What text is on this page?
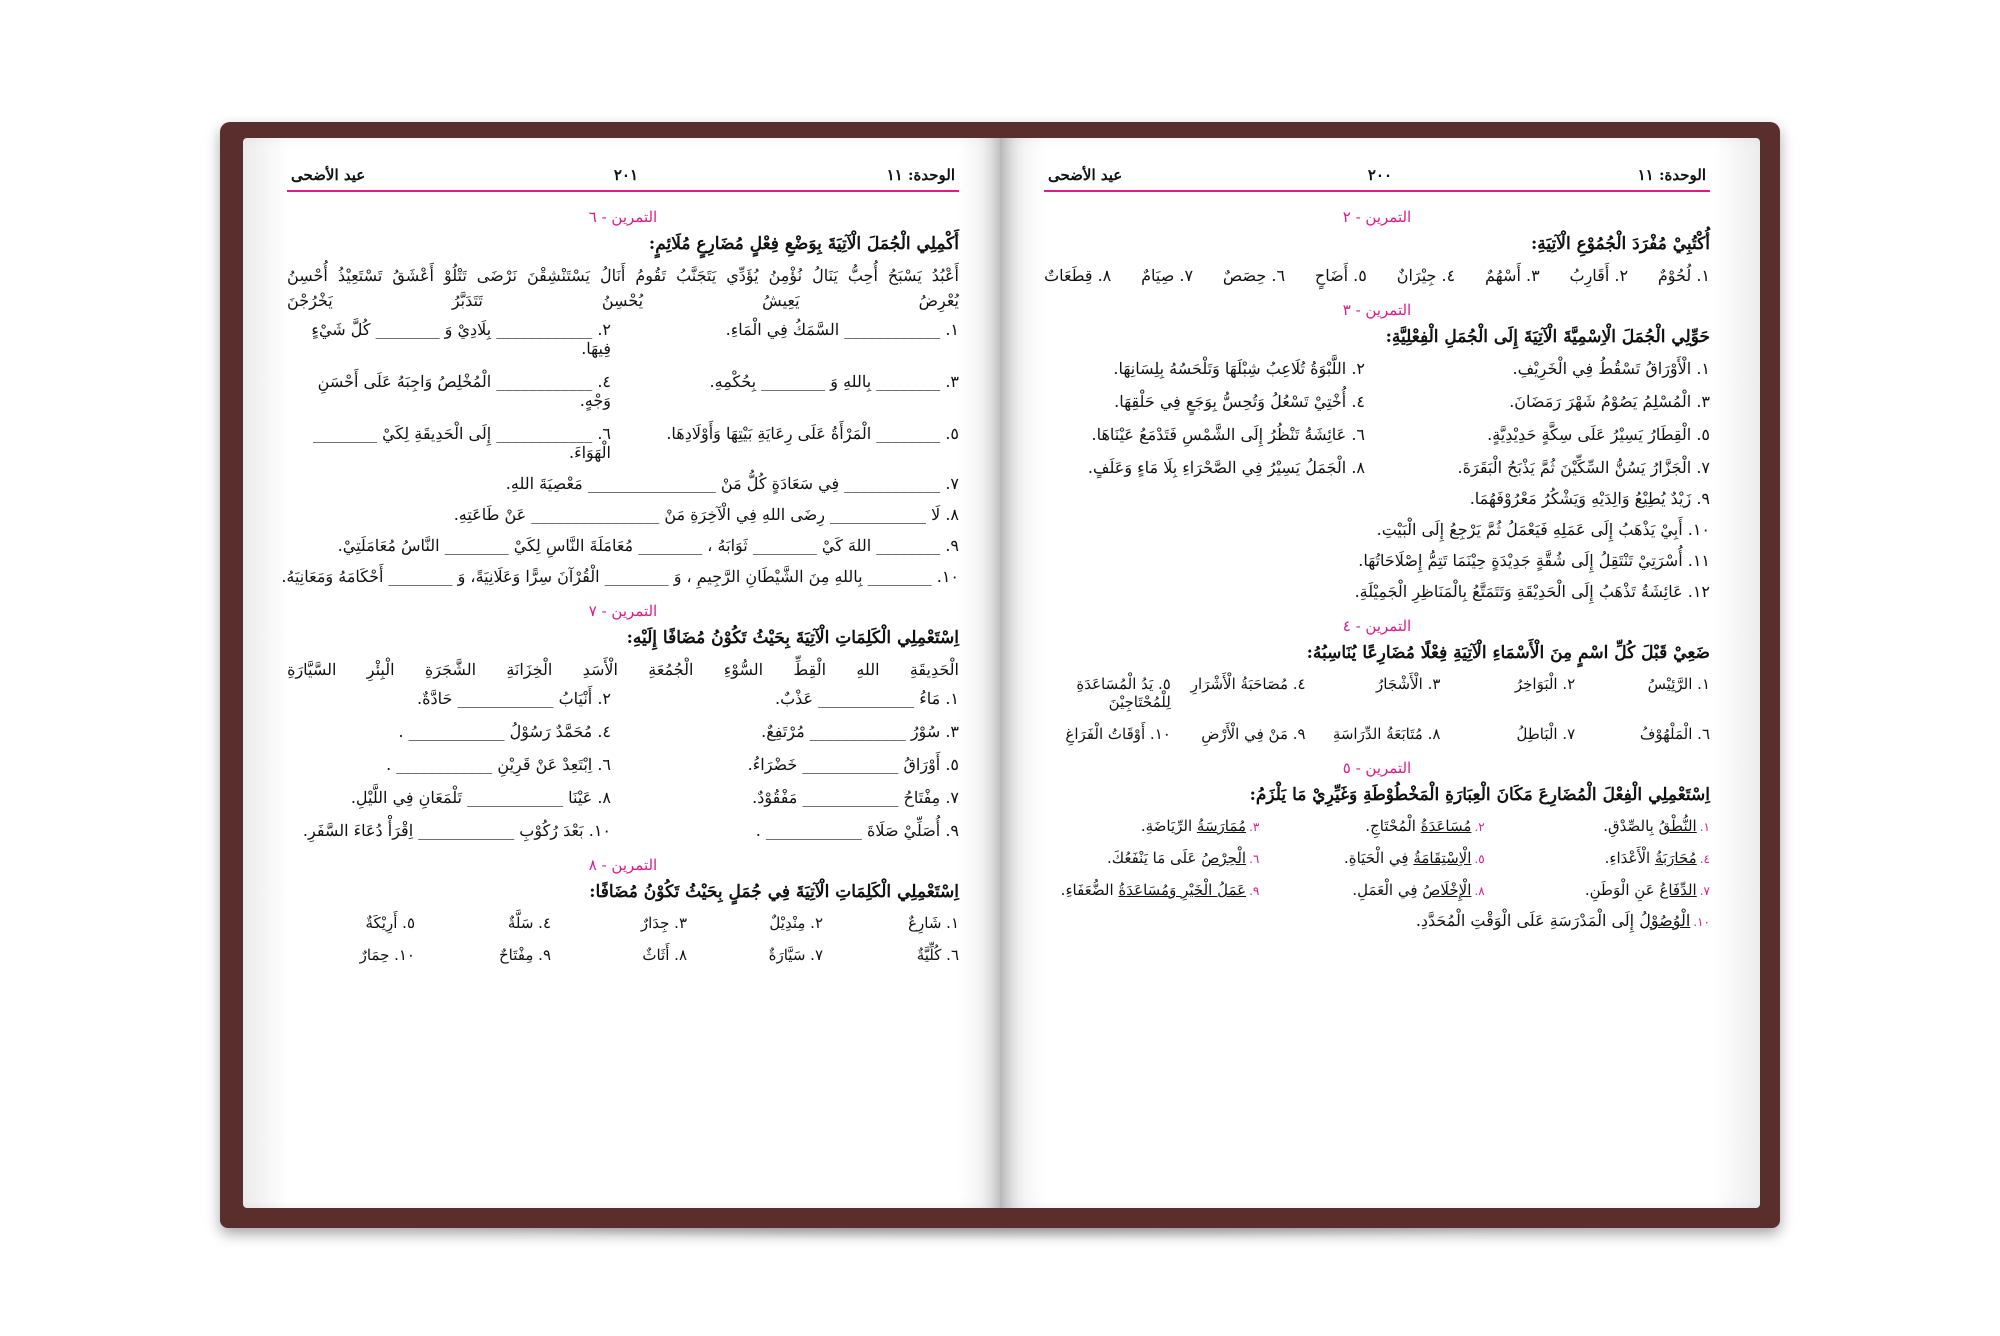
الوحدة: ١١
٢٠١
عيد الأضحى
التمرين - ٦
أَكْمِلِي الْجُمَلَ الْآتِيَةَ بِوَضْعِ فِعْلٍ مُضَارِعٍ مُلَائِمٍ:
أَعْبُدُ
يَسْبَحُ
أُحِبُّ
يَنَالُ
نُؤْمِنُ
يُؤَدِّي
يَتَجَنَّبُ
تَقُومُ
أَنَالُ
يَسْتَنْشِقْنَ
نَرْضَى
تَتْلُوْ
أَعْشَقُ
تَسْتَعِيْذُ
أُحْسِنُ
يُعْرِضُ
يَعِيشُ
يُحْسِنُ
تَتَدَبَّرُ
يَخْرُجْنَ
١. ____________ السَّمَكُ فِي الْمَاءِ.
٢. ____________ بِلَادِيْ وَ ________ كُلَّ شَيْءٍ فِيهَا.
٣. ________ بِاللهِ وَ ________ بِحُكْمِهِ.
٤. ____________ الْمُخْلِصُ وَاجِبَهُ عَلَى أَحْسَنِ وَجْهٍ.
٥. ________ الْمَرْأَةُ عَلَى رِعَايَةِ بَيْتِهَا وَأَوْلَادِهَا.
٦. ____________ إِلَى الْحَدِيقَةِ لِكَيْ ________ الْهَوَاءَ.
٧. ____________ فِي سَعَادَةٍ كُلُّ مَنْ ________________ مَعْصِيَةَ اللهِ.
٨. لَا ____________ رِضَى اللهِ فِي الْآخِرَةِ مَنْ ________________ عَنْ طَاعَتِهِ.
٩. ________ اللهَ كَيْ ________ ثَوَابَهُ ، ________ مُعَامَلَةَ النَّاسِ لِكَيْ ________ النَّاسُ مُعَامَلَتِيْ.
١٠. ________ بِاللهِ مِنَ الشَّيْطَانِ الرَّجِيمِ ، وَ ________ الْقُرْآنَ سِرًّا وَعَلَانِيَةً، وَ ________ أَحْكَامَهُ وَمَعَانِيَهُ.
التمرين - ٧
اِسْتَعْمِلِي الْكَلِمَاتِ الْآتِيَةَ بِحَيْثُ تَكُوْنُ مُضَافًا إِلَيْهِ:
الْحَدِيقَةِ
اللهِ
الْقِطِّ
السُّوْءِ
الْجُمُعَةِ
الْأَسَدِ
الْخِزَانَةِ
الشَّجَرَةِ
الْبِئْرِ
السَّيَّارَةِ
١. مَاءُ ____________ عَذْبٌ.
٢. أَنْيَابُ ____________ حَادَّةٌ.
٣. سُوْرُ ____________ مُرْتَفِعٌ.
٤. مُحَمَّدٌ رَسُوْلُ ____________ .
٥. أَوْرَاقُ ____________ خَضْرَاءُ.
٦. اِبْتَعِدْ عَنْ قَرِيْنِ ____________ .
٧. مِفْتَاحُ ____________ مَفْقُوْدٌ.
٨. عَيْنَا ____________ تَلْمَعَانِ فِي اللَّيْلِ.
٩. أُصَلِّيْ صَلَاةَ ____________ .
١٠. بَعْدَ رُكُوْبِ ____________ اِقْرَأْ دُعَاءَ السَّفَرِ.
التمرين - ٨
اِسْتَعْمِلِي الْكَلِمَاتِ الْآتِيَةَ فِي جُمَلٍ بِحَيْثُ تَكُوْنُ مُضَافًا:
١. شَارِعٌ
٢. مِنْدِيْلٌ
٣. جِدَارٌ
٤. سَلَّةٌ
٥. أَرِيْكَةٌ
٦. كُلِّيَّةٌ
٧. سَيَّارَةٌ
٨. أَثَاثٌ
٩. مِفْتَاحٌ
١٠. حِمَارٌ
الوحدة: ١١
٢٠٠
عيد الأضحى
التمرين - ٢
أُكْتُبِيْ مُفْرَدَ الْجُمُوْعِ الْآتِيَةِ:
١. لُحُوْمٌ
٢. أَقَارِبُ
٣. أَسْهُمٌ
٤. جِيْرَانٌ
٥. أَضَاحٍ
٦. حِصَصٌ
٧. صِيَامٌ
٨. قِطَعَاتٌ
التمرين - ٣
حَوِّلِي الْجُمَلَ الْاِسْمِيَّةَ الْآتِيَةَ إِلَى الْجُمَلِ الْفِعْلِيَّةِ:
١. الْأَوْرَاقُ تَسْقُطُ فِي الْخَرِيْفِ.
٢. اللَّبْوَةُ تُلَاعِبُ شِبْلَهَا وَتَلْحَسُهُ بِلِسَانِهَا.
٣. الْمُسْلِمُ يَصُوْمُ شَهْرَ رَمَضَانَ.
٤. أُخْتِيْ تَسْعُلُ وَتُحِسُّ بِوَجَعٍ فِي حَلْقِهَا.
٥. الْقِطَارُ يَسِيْرُ عَلَى سِكَّةٍ حَدِيْدِيَّةٍ.
٦. عَائِشَةُ تَنْظُرُ إِلَى الشَّمْسِ فَتَدْمَعُ عَيْنَاهَا.
٧. الْجَزَّارُ يَسُنُّ السِّكِّيْنَ ثُمَّ يَذْبَحُ الْبَقَرَةَ.
٨. الْجَمَلُ يَسِيْرُ فِي الصَّحْرَاءِ بِلَا مَاءٍ وَعَلَفٍ.
٩. زَيْدٌ يُطِيْعُ وَالِدَيْهِ وَيَشْكُرُ مَعْرُوْفَهُمَا.
١٠. أَبِيْ يَذْهَبُ إِلَى عَمَلِهِ فَيَعْمَلُ ثُمَّ يَرْجِعُ إِلَى الْبَيْتِ.
١١. أُسْرَتِيْ تَنْتَقِلُ إِلَى شُقَّةٍ جَدِيْدَةٍ حِيْنَمَا تَتِمُّ إِصْلَاحَاتُهَا.
١٢. عَائِشَةُ تَذْهَبُ إِلَى الْحَدِيْقَةِ وَتَتَمَتَّعُ بِالْمَنَاظِرِ الْجَمِيْلَةِ.
التمرين - ٤
ضَعِيْ قَبْلَ كُلِّ اسْمٍ مِنَ الْأَسْمَاءِ الْآتِيَةِ فِعْلًا مُضَارِعًا يُنَاسِبُهُ:
١. الرَّئِيْسُ
٢. الْبَوَاخِرُ
٣. الْأَشْجَارُ
٤. مُصَاحَبَةُ الْأَشْرَارِ
٥. يَدُ الْمُسَاعَدَةِ لِلْمُحْتَاجِيْنَ
٦. الْمَلْهُوْفُ
٧. الْبَاطِلُ
٨. مُتَابَعَةُ الدِّرَاسَةِ
٩. مَنْ فِي الْأَرْضِ
١٠. أَوْقَاتُ الْفَرَاغِ
التمرين - ٥
اِسْتَعْمِلِي الْفِعْلَ الْمُضَارِعَ مَكَانَ الْعِبَارَةِ الْمَخْطُوْطَةِ وَغَيِّرِيْ مَا يَلْزَمُ:
١.النُّطْقُ بِالصِّدْقِ.
٢.مُسَاعَدَةُ الْمُحْتَاجِ.
٣.مُمَارَسَةُ الرِّيَاضَةِ.
٤.مُحَارَبَةُ الْأَعْدَاءِ.
٥.الْاِسْتِقَامَةُ فِي الْحَيَاةِ.
٦.الْحِرْصُ عَلَى مَا يَنْفَعُكَ.
٧.الدِّفَاعُ عَنِ الْوَطَنِ.
٨.الْإِخْلَاصُ فِي الْعَمَلِ.
٩.عَمَلُ الْخَيْرِ وَمُسَاعَدَةُ الضُّعَفَاءِ.
١٠.الْوُصُوْلُ إِلَى الْمَدْرَسَةِ عَلَى الْوَقْتِ الْمُحَدَّدِ.
